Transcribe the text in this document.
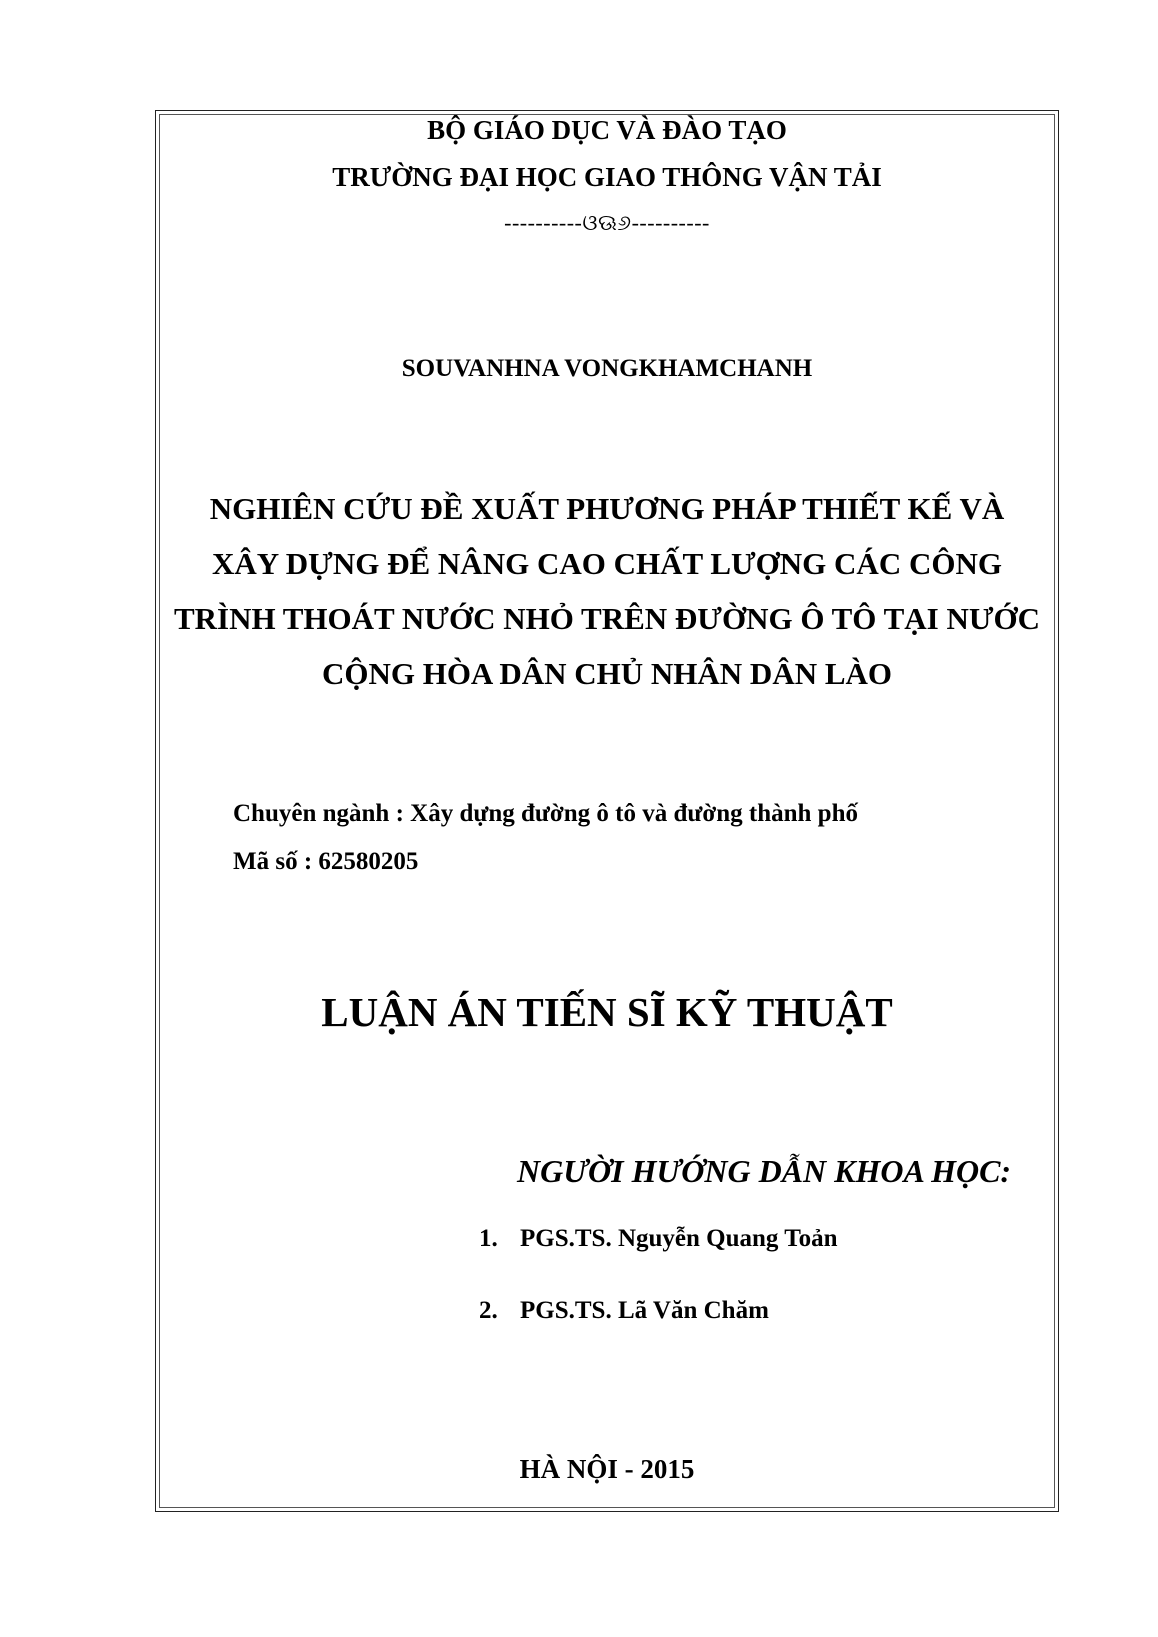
BỘ GIÁO DỤC VÀ ĐÀO TẠO
TRƯỜNG ĐẠI HỌC GIAO THÔNG VẬN TẢI
----------ଓଊ୬----------
SOUVANHNA VONGKHAMCHANH
NGHIÊN CỨU ĐỀ XUẤT PHƯƠNG PHÁP THIẾT KẾ VÀ
XÂY DỰNG ĐỂ NÂNG CAO CHẤT LƯỢNG CÁC CÔNG
TRÌNH THOÁT NƯỚC NHỎ TRÊN ĐƯỜNG Ô TÔ TẠI NƯỚC
CỘNG HÒA DÂN CHỦ NHÂN DÂN LÀO
Chuyên ngành : Xây dựng đường ô tô và đường thành phố
Mã số : 62580205
LUẬN ÁN TIẾN SĨ KỸ THUẬT
NGƯỜI HƯỚNG DẪN KHOA HỌC:
1. PGS.TS. Nguyễn Quang Toản
2. PGS.TS. Lã Văn Chăm
HÀ NỘI - 2015
